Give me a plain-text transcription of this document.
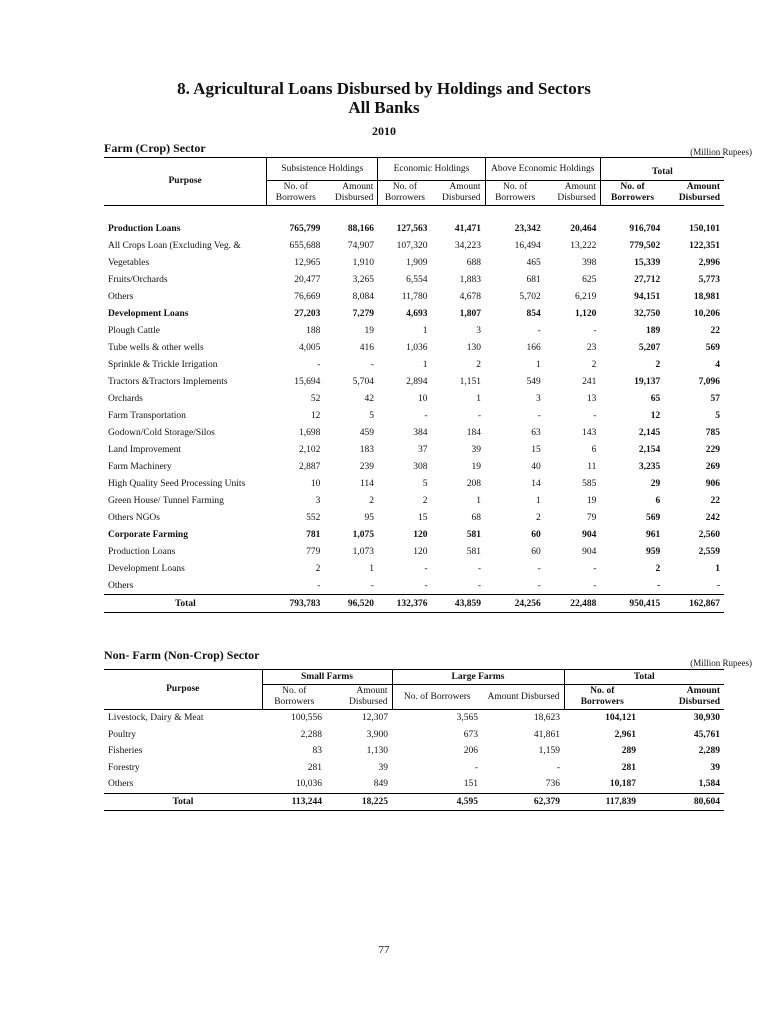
8. Agricultural Loans Disbursed by Holdings and Sectors
All Banks
2010
Farm (Crop) Sector	(Million Rupees)
Purpose	Subsistence Holdings		Economic Holdings		Above Economic Holdings		Total	
	No. of Borrowers	Amount Disbursed	No. of Borrowers	Amount Disbursed	No. of Borrowers	Amount Disbursed	No. of Borrowers	Amount Disbursed

Production Loans	765,799	88,166	127,563	41,471	23,342	20,464	916,704	150,101
All Crops Loan (Excluding Veg. &	655,688	74,907	107,320	34,223	16,494	13,222	779,502	122,351
Vegetables	12,965	1,910	1,909	688	465	398	15,339	2,996
Fruits/Orchards	20,477	3,265	6,554	1,883	681	625	27,712	5,773
Others	76,669	8,084	11,780	4,678	5,702	6,219	94,151	18,981
Development Loans	27,203	7,279	4,693	1,807	854	1,120	32,750	10,206
Plough Cattle	188	19	1	3	-	-	189	22
Tube wells & other wells	4,005	416	1,036	130	166	23	5,207	569
Sprinkle & Trickle Irrigation	-	-	1	2	1	2	2	4
Tractors &Tractors Implements	15,694	5,704	2,894	1,151	549	241	19,137	7,096
Orchards	52	42	10	1	3	13	65	57
Farm Transportation	12	5	-	-	-	-	12	5
Godown/Cold Storage/Silos	1,698	459	384	184	63	143	2,145	785
Land Improvement	2,102	183	37	39	15	6	2,154	229
Farm Machinery	2,887	239	308	19	40	11	3,235	269
High Quality Seed Processing Units	10	114	5	208	14	585	29	906
Green House/ Tunnel Farming	3	2	2	1	1	19	6	22
Others NGOs	552	95	15	68	2	79	569	242
Corporate Farming	781	1,075	120	581	60	904	961	2,560
Production Loans	779	1,073	120	581	60	904	959	2,559
Development Loans	2	1	-	-	-	-	2	1
Others	-	-	-	-	-	-	-	-
Total	793,783	96,520	132,376	43,859	24,256	22,488	950,415	162,867
Non- Farm (Non-Crop) Sector
(Million Rupees)
Purpose	Small Farms		Large Farms		Total	
	No. of Borrowers	Amount Disbursed	No. of Borrowers	Amount Disbursed	No. of Borrowers	Amount Disbursed
Livestock, Dairy & Meat	100,556	12,307	3,565	18,623	104,121	30,930
Poultry	2,288	3,900	673	41,861	2,961	45,761
Fisheries	83	1,130	206	1,159	289	2,289
Forestry	281	39	-	-	281	39
Others	10,036	849	151	736	10,187	1,584
Total	113,244	18,225	4,595	62,379	117,839	80,604
77
